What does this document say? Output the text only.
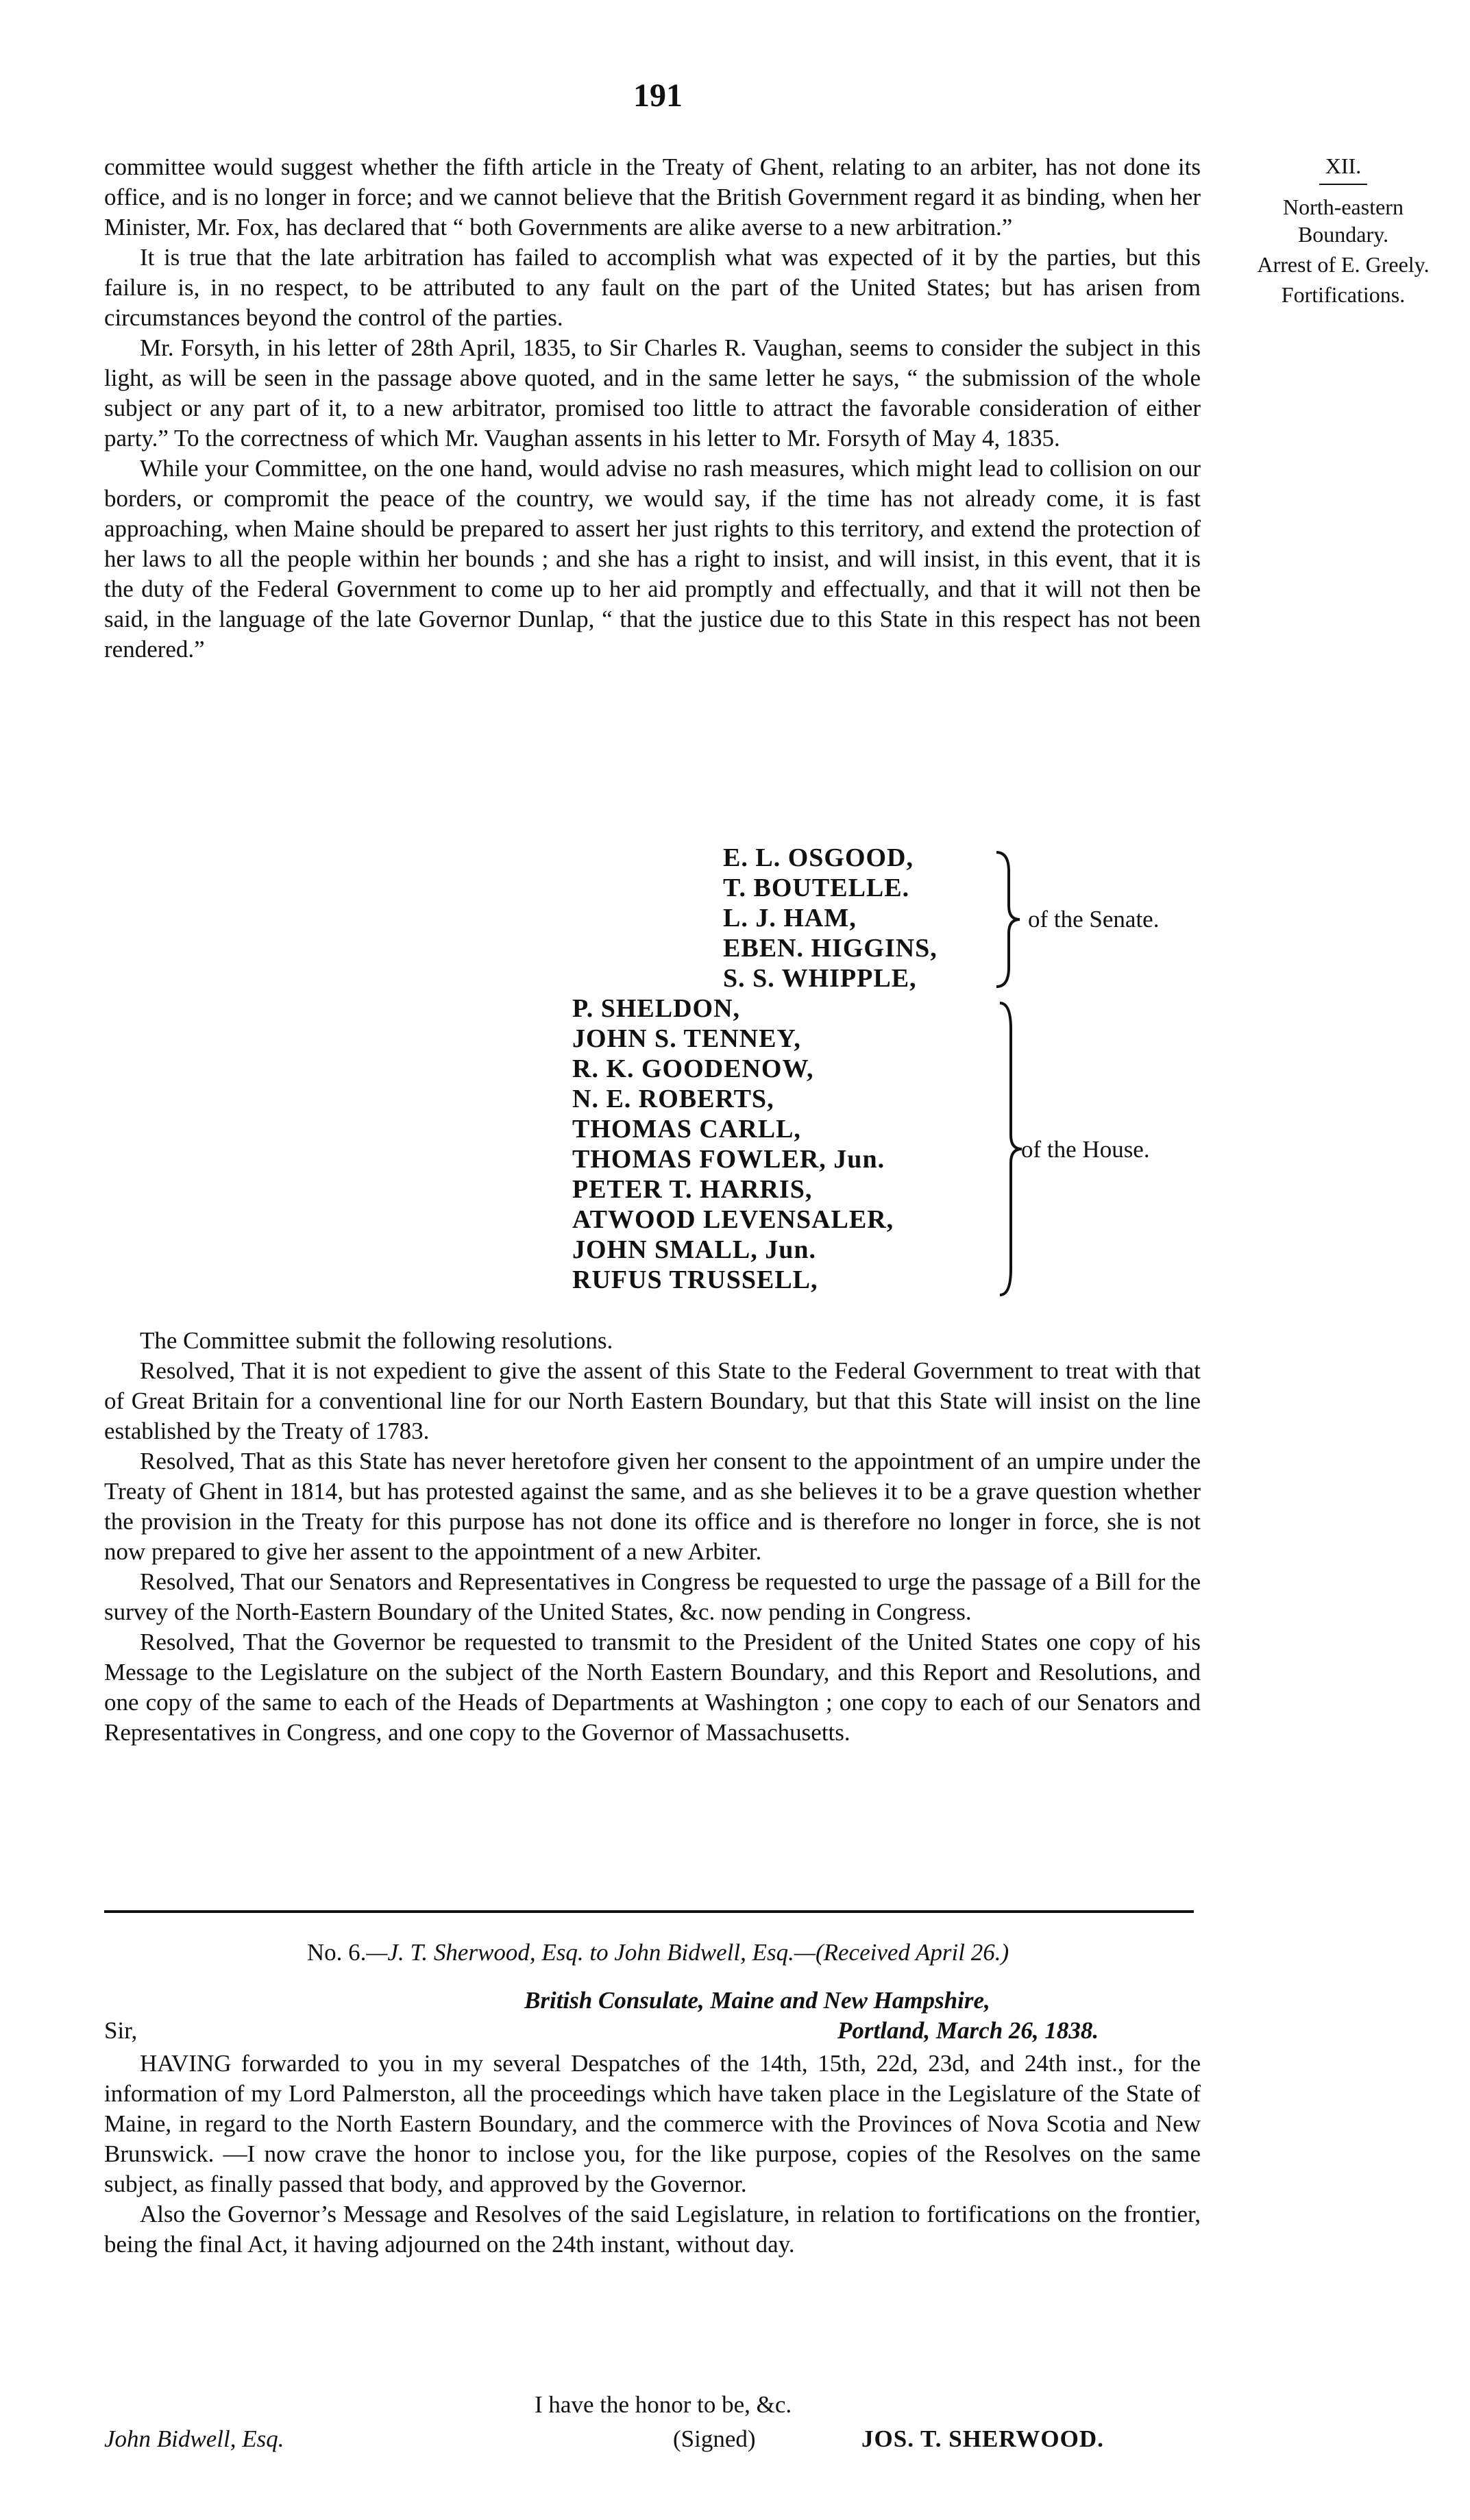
191
XII.
North-eastern
Boundary.
Arrest of E. Greely.
Fortifications.

committee would suggest whether the fifth article in the Treaty of Ghent, relating to an arbiter, has not done its office, and is no longer in force; and we cannot believe that the British Government regard it as binding, when her Minister, Mr. Fox, has declared that “ both Governments are alike averse to a new arbitration.”

It is true that the late arbitration has failed to accomplish what was expected of it by the parties, but this failure is, in no respect, to be attributed to any fault on the part of the United States; but has arisen from circumstances beyond the control of the parties.

Mr. Forsyth, in his letter of 28th April, 1835, to Sir Charles R. Vaughan, seems to consider the subject in this light, as will be seen in the passage above quoted, and in the same letter he says, “ the submission of the whole subject or any part of it, to a new arbitrator, promised too little to attract the favorable consideration of either party.” To the correctness of which Mr. Vaughan assents in his letter to Mr. Forsyth of May 4, 1835.

While your Committee, on the one hand, would advise no rash measures, which might lead to collision on our borders, or compromit the peace of the country, we would say, if the time has not already come, it is fast approaching, when Maine should be prepared to assert her just rights to this territory, and extend the protection of her laws to all the people within her bounds ; and she has a right to insist, and will insist, in this event, that it is the duty of the Federal Government to come up to her aid promptly and effectually, and that it will not then be said, in the language of the late Governor Dunlap, “ that the justice due to this State in this respect has not been rendered.”

E. L. OSGOOD,
T. BOUTELLE.
L. J. HAM,
EBEN. HIGGINS,
S. S. WHIPPLE,
of the Senate.
P. SHELDON,
JOHN S. TENNEY,
R. K. GOODENOW,
N. E. ROBERTS,
THOMAS CARLL,
THOMAS FOWLER, Jun.
PETER T. HARRIS,
ATWOOD LEVENSALER,
JOHN SMALL, Jun.
RUFUS TRUSSELL,
of the House.

The Committee submit the following resolutions.

Resolved, That it is not expedient to give the assent of this State to the Federal Government to treat with that of Great Britain for a conventional line for our North Eastern Boundary, but that this State will insist on the line established by the Treaty of 1783.

Resolved, That as this State has never heretofore given her consent to the appointment of an umpire under the Treaty of Ghent in 1814, but has protested against the same, and as she believes it to be a grave question whether the provision in the Treaty for this purpose has not done its office and is therefore no longer in force, she is not now prepared to give her assent to the appointment of a new Arbiter.

Resolved, That our Senators and Representatives in Congress be requested to urge the passage of a Bill for the survey of the North-Eastern Boundary of the United States, &c. now pending in Congress.

Resolved, That the Governor be requested to transmit to the President of the United States one copy of his Message to the Legislature on the subject of the North Eastern Boundary, and this Report and Resolutions, and one copy of the same to each of the Heads of Departments at Washington ; one copy to each of our Senators and Representatives in Congress, and one copy to the Governor of Massachusetts.

No. 6.—J. T. Sherwood, Esq. to John Bidwell, Esq.—(Received April 26.)
British Consulate, Maine and New Hampshire,
Sir,	Portland, March 26, 1838.

HAVING forwarded to you in my several Despatches of the 14th, 15th, 22d, 23d, and 24th inst., for the information of my Lord Palmerston, all the proceedings which have taken place in the Legislature of the State of Maine, in regard to the North Eastern Boundary, and the commerce with the Provinces of Nova Scotia and New Brunswick. —I now crave the honor to inclose you, for the like purpose, copies of the Resolves on the same subject, as finally passed that body, and approved by the Governor.

Also the Governor’s Message and Resolves of the said Legislature, in relation to fortifications on the frontier, being the final Act, it having adjourned on the 24th instant, without day.

I have the honor to be, &c.
John Bidwell, Esq.	(Signed)	JOS. T. SHERWOOD.
